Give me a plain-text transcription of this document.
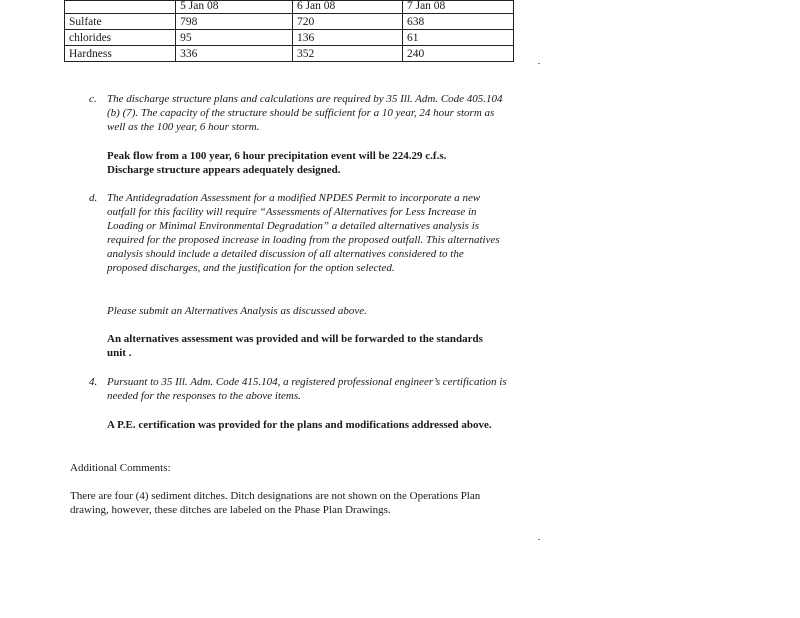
	5 Jan 08	6 Jan 08	7 Jan 08
Sulfate	798	720	638
chlorides	95	136	61
Hardness	336	352	240
c. The discharge structure plans and calculations are required by 35 Ill. Adm. Code 405.104 (b) (7). The capacity of the structure should be sufficient for a 10 year, 24 hour storm as well as the 100 year, 6 hour storm.
Peak flow from a 100 year, 6 hour precipitation event will be 224.29 c.f.s. Discharge structure appears adequately designed.
d. The Antidegradation Assessment for a modified NPDES Permit to incorporate a new outfall for this facility will require “Assessments of Alternatives for Less Increase in Loading or Minimal Environmental Degradation” a detailed alternatives analysis is required for the proposed increase in loading from the proposed outfall. This alternatives analysis should include a detailed discussion of all alternatives considered to the proposed discharges, and the justification for the option selected.
Please submit an Alternatives Analysis as discussed above.
An alternatives assessment was provided and will be forwarded to the standards unit .
4. Pursuant to 35 Ill. Adm. Code 415.104, a registered professional engineer’s certification is needed for the responses to the above items.
A P.E. certification was provided for the plans and modifications addressed above.
Additional Comments:
There are four (4) sediment ditches. Ditch designations are not shown on the Operations Plan drawing, however, these ditches are labeled on the Phase Plan Drawings.
